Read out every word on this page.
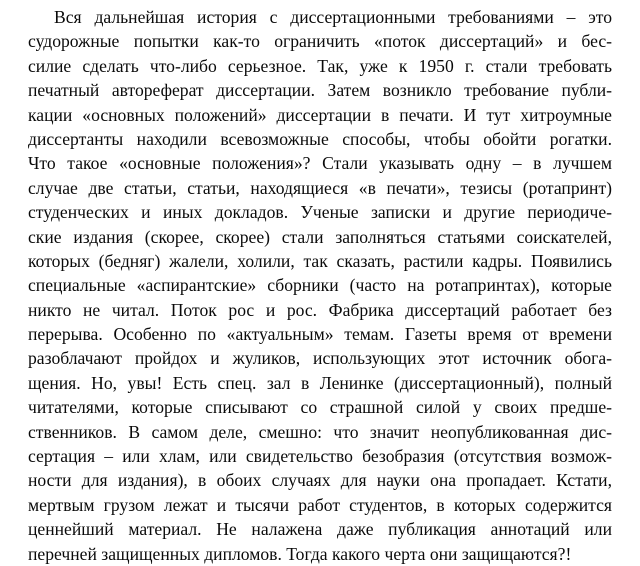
Вся дальнейшая история с диссертационными требованиями – это
судорожные попытки как-то ограничить «поток диссертаций» и бес-
силие сделать что-либо серьезное. Так, уже к 1950 г. стали требовать
печатный автореферат диссертации. Затем возникло требование публи-
кации «основных положений» диссертации в печати. И тут хитроумные
диссертанты находили всевозможные способы, чтобы обойти рогатки.
Что такое «основные положения»? Стали указывать одну – в лучшем
случае две статьи, статьи, находящиеся «в печати», тезисы (ротапринт)
студенческих и иных докладов. Ученые записки и другие периодиче-
ские издания (скорее, скорее) стали заполняться статьями соискателей,
которых (бедняг) жалели, холили, так сказать, растили кадры. Появились
специальные «аспирантские» сборники (часто на ротапринтах), которые
никто не читал. Поток рос и рос. Фабрика диссертаций работает без
перерыва. Особенно по «актуальным» темам. Газеты время от времени
разоблачают пройдох и жуликов, использующих этот источник обога-
щения. Но, увы! Есть спец. зал в Ленинке (диссертационный), полный
читателями, которые списывают со страшной силой у своих предше-
ственников. В самом деле, смешно: что значит неопубликованная дис-
сертация – или хлам, или свидетельство безобразия (отсутствия возмож-
ности для издания), в обоих случаях для науки она пропадает. Кстати,
мертвым грузом лежат и тысячи работ студентов, в которых содержится
ценнейший материал. Не налажена даже публикация аннотаций или
перечней защищенных дипломов. Тогда какого черта они защищаются?!
